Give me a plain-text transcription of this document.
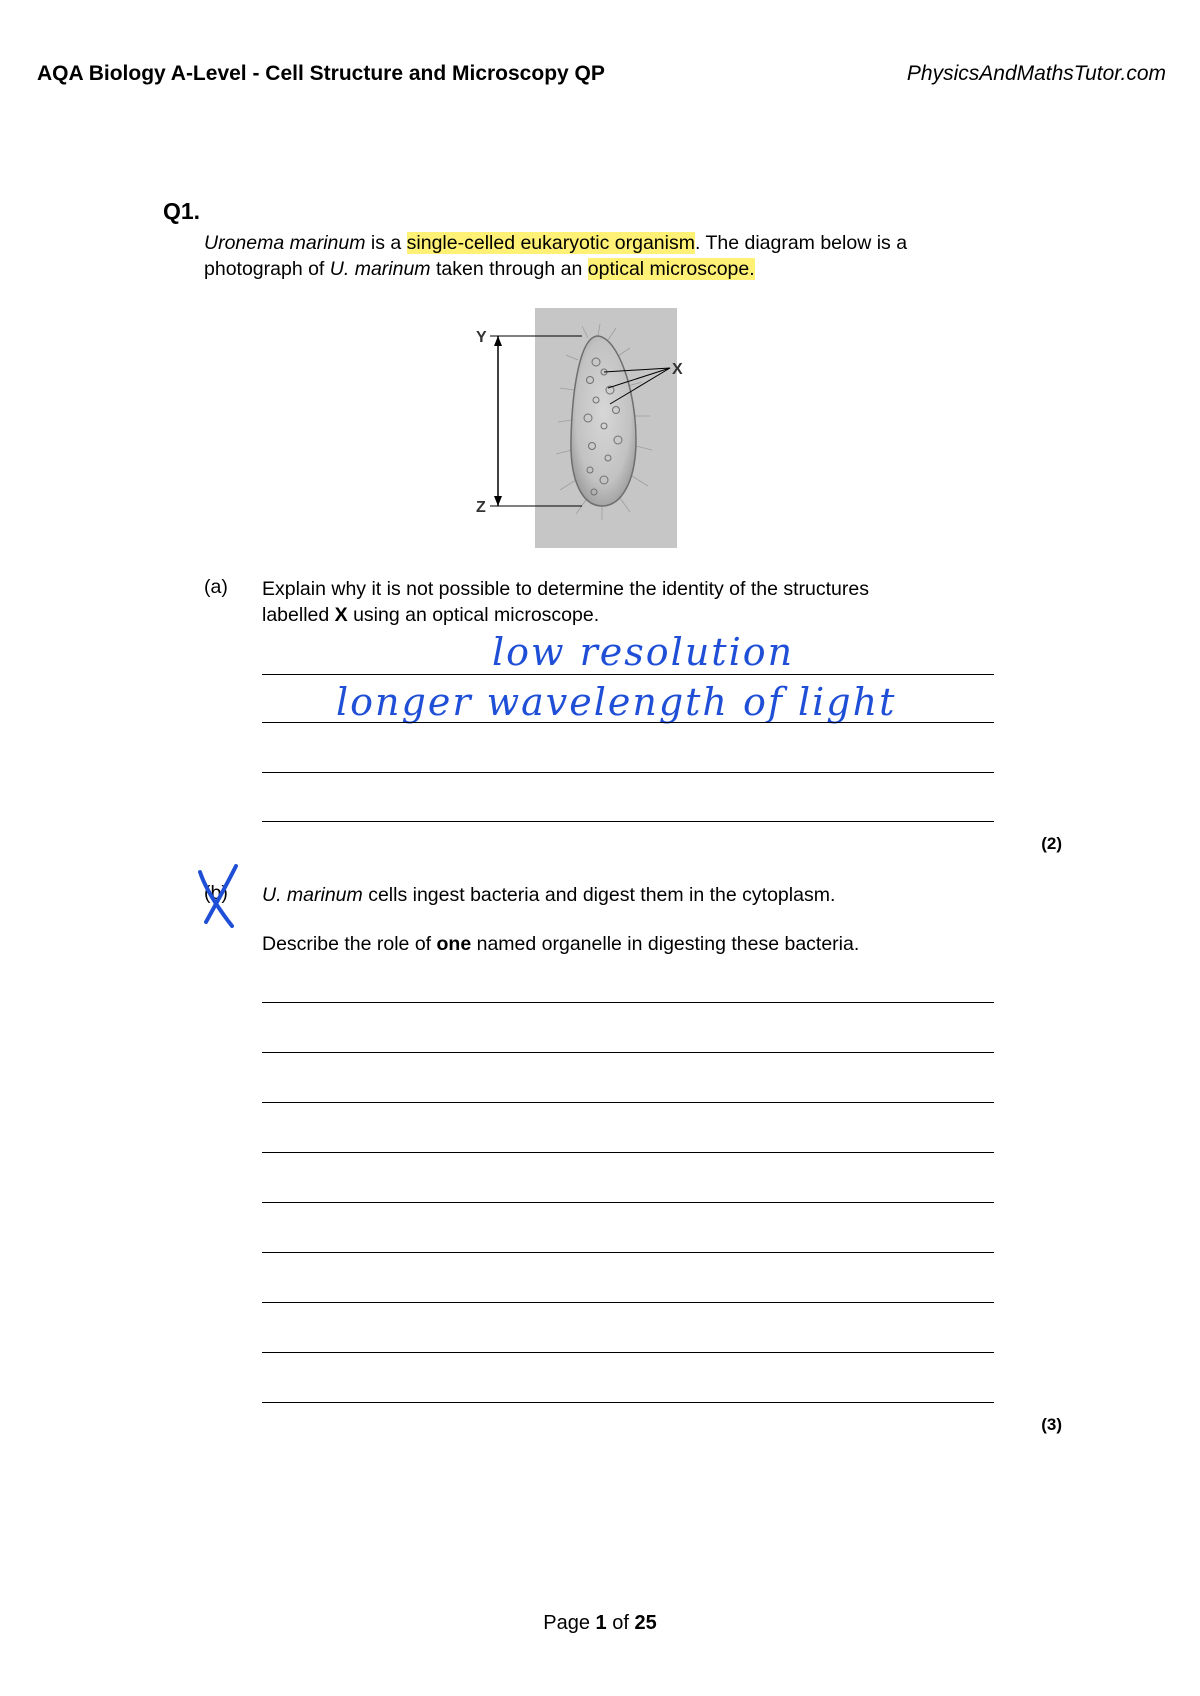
AQA Biology A-Level - Cell Structure and Microscopy QP	PhysicsAndMathsTutor.com
Q1.
Uronema marinum is a single-celled eukaryotic organism. The diagram below is a photograph of U. marinum taken through an optical microscope.
Y
Z
X
(a) Explain why it is not possible to determine the identity of the structures
labelled X using an optical microscope.
low resolution
longer wavelength of light
(2)
(b) U. marinum cells ingest bacteria and digest them in the cytoplasm.
Describe the role of one named organelle in digesting these bacteria.
(3)
Page 1 of 25
